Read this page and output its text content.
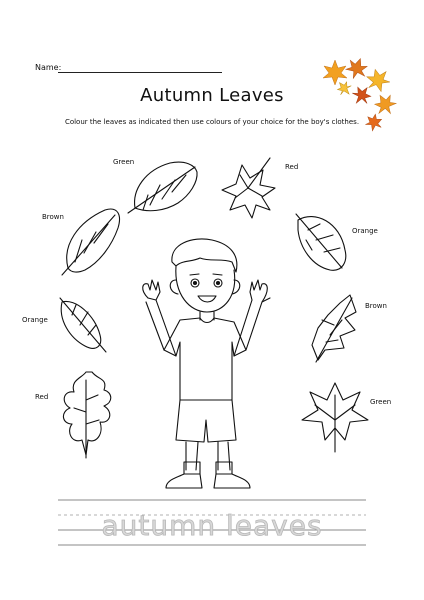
Name:
Autumn Leaves
Colour the leaves as indicated then use colours of your choice for the boy's clothes.
Green
Red
Brown
Orange
Orange
Brown
Red
Green
autumn leaves
